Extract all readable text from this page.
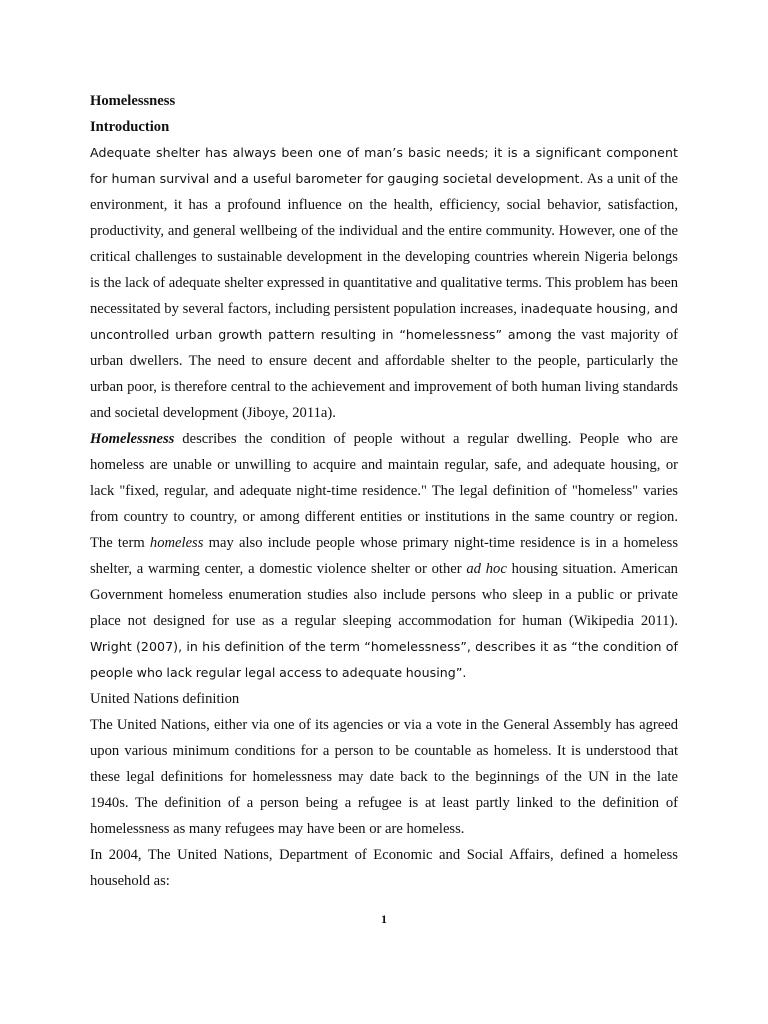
Homelessness

Introduction

Adequate shelter has always been one of man’s basic needs; it is a significant component for human survival and a useful barometer for gauging societal development. As a unit of the environment, it has a profound influence on the health, efficiency, social behavior, satisfaction, productivity, and general wellbeing of the individual and the entire community. However, one of the critical challenges to sustainable development in the developing countries wherein Nigeria belongs is the lack of adequate shelter expressed in quantitative and qualitative terms. This problem has been necessitated by several factors, including persistent population increases, inadequate housing, and uncontrolled urban growth pattern resulting in “homelessness” among the vast majority of urban dwellers. The need to ensure decent and affordable shelter to the people, particularly the urban poor, is therefore central to the achievement and improvement of both human living standards and societal development (Jiboye, 2011a).

Homelessness describes the condition of people without a regular dwelling. People who are homeless are unable or unwilling to acquire and maintain regular, safe, and adequate housing, or lack "fixed, regular, and adequate night-time residence." The legal definition of "homeless" varies from country to country, or among different entities or institutions in the same country or region. The term homeless may also include people whose primary night-time residence is in a homeless shelter, a warming center, a domestic violence shelter or other ad hoc housing situation. American Government homeless enumeration studies also include persons who sleep in a public or private place not designed for use as a regular sleeping accommodation for human (Wikipedia 2011). Wright (2007), in his definition of the term “homelessness”, describes it as “the condition of people who lack regular legal access to adequate housing”.

United Nations definition

The United Nations, either via one of its agencies or via a vote in the General Assembly has agreed upon various minimum conditions for a person to be countable as homeless. It is understood that these legal definitions for homelessness may date back to the beginnings of the UN in the late 1940s. The definition of a person being a refugee is at least partly linked to the definition of homelessness as many refugees may have been or are homeless.

In 2004, The United Nations, Department of Economic and Social Affairs, defined a homeless household as:

1
